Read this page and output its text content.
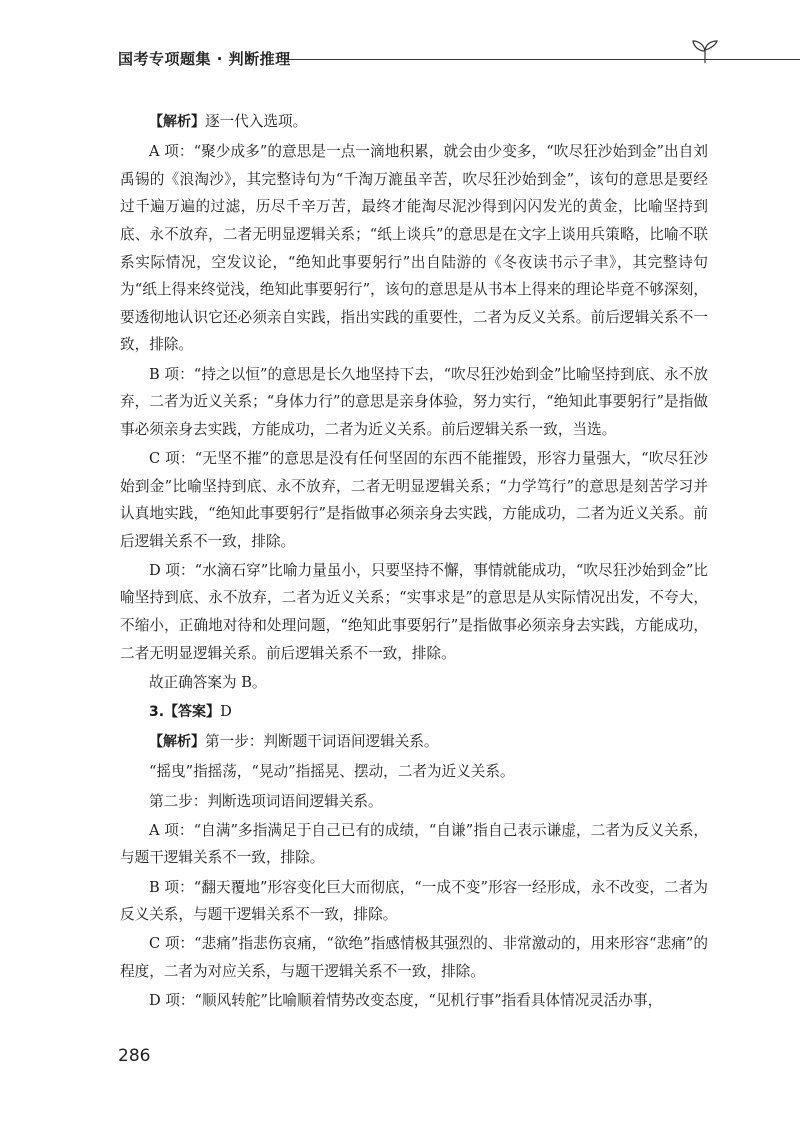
国考专项题集 · 判断推理

【解析】逐一代入选项。

A 项：“聚少成多”的意思是一点一滴地积累，就会由少变多，“吹尽狂沙始到金”出自刘禹锡的《浪淘沙》，其完整诗句为“千淘万漉虽辛苦，吹尽狂沙始到金”，该句的意思是要经过千遍万遍的过滤，历尽千辛万苦，最终才能淘尽泥沙得到闪闪发光的黄金，比喻坚持到底、永不放弃，二者无明显逻辑关系；“纸上谈兵”的意思是在文字上谈用兵策略，比喻不联系实际情况，空发议论，“绝知此事要躬行”出自陆游的《冬夜读书示子聿》，其完整诗句为“纸上得来终觉浅，绝知此事要躬行”，该句的意思是从书本上得来的理论毕竟不够深刻，要透彻地认识它还必须亲自实践，指出实践的重要性，二者为反义关系。前后逻辑关系不一致，排除。

B 项：“持之以恒”的意思是长久地坚持下去，“吹尽狂沙始到金”比喻坚持到底、永不放弃，二者为近义关系；“身体力行”的意思是亲身体验，努力实行，“绝知此事要躬行”是指做事必须亲身去实践，方能成功，二者为近义关系。前后逻辑关系一致，当选。

C 项：“无坚不摧”的意思是没有任何坚固的东西不能摧毁，形容力量强大，“吹尽狂沙始到金”比喻坚持到底、永不放弃，二者无明显逻辑关系；“力学笃行”的意思是刻苦学习并认真地实践，“绝知此事要躬行”是指做事必须亲身去实践，方能成功，二者为近义关系。前后逻辑关系不一致，排除。

D 项：“水滴石穿”比喻力量虽小，只要坚持不懈，事情就能成功，“吹尽狂沙始到金”比喻坚持到底、永不放弃，二者为近义关系；“实事求是”的意思是从实际情况出发，不夸大，不缩小，正确地对待和处理问题，“绝知此事要躬行”是指做事必须亲身去实践，方能成功，二者无明显逻辑关系。前后逻辑关系不一致，排除。

故正确答案为 B。

3.【答案】D

【解析】第一步：判断题干词语间逻辑关系。

“摇曳”指摇荡，“晃动”指摇晃、摆动，二者为近义关系。

第二步：判断选项词语间逻辑关系。

A 项：“自满”多指满足于自己已有的成绩，“自谦”指自己表示谦虚，二者为反义关系，与题干逻辑关系不一致，排除。

B 项：“翻天覆地”形容变化巨大而彻底，“一成不变”形容一经形成，永不改变，二者为反义关系，与题干逻辑关系不一致，排除。

C 项：“悲痛”指悲伤哀痛，“欲绝”指感情极其强烈的、非常激动的，用来形容“悲痛”的程度，二者为对应关系，与题干逻辑关系不一致，排除。

D 项：“顺风转舵”比喻顺着情势改变态度，“见机行事”指看具体情况灵活办事，

286
